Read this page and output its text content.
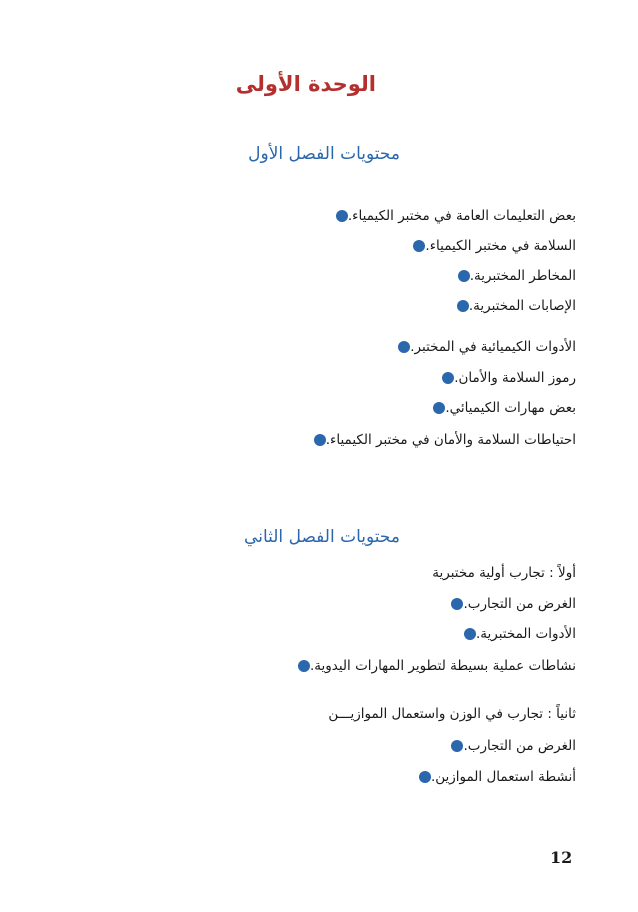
الوحدة الأولى
محتويات الفصل الأول
بعض التعليمات العامة في مختبر الكيمياء.
السلامة في مختبر الكيمياء.
المخاطر المختبرية.
الإصابات المختبرية.
الأدوات الكيميائية في المختبر.
رموز السلامة والأمان.
بعض مهارات الكيميائي.
احتياطات السلامة والأمان في مختبر الكيمياء.
محتويات الفصل الثاني
أولاً : تجارب أولية مختبرية
الغرض من التجارب.
الأدوات المختبرية.
نشاطات عملية بسيطة لتطوير المهارات اليدوية.
ثانياً : تجارب في الوزن واستعمال الموازيـــن
الغرض من التجارب.
أنشطة استعمال الموازين.
12
